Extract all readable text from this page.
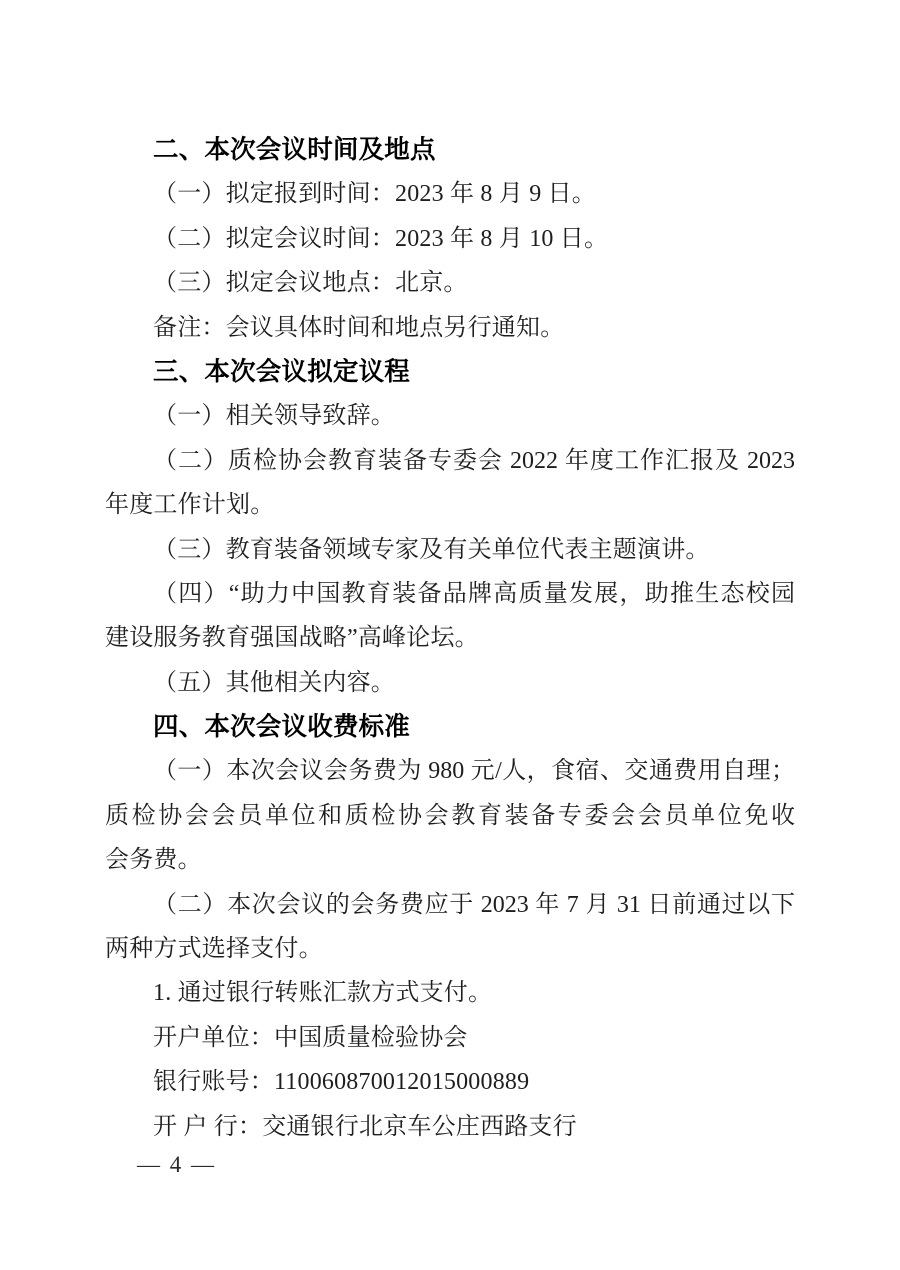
二、本次会议时间及地点
（一）拟定报到时间：2023 年 8 月 9 日。
（二）拟定会议时间：2023 年 8 月 10 日。
（三）拟定会议地点：北京。
备注：会议具体时间和地点另行通知。
三、本次会议拟定议程
（一）相关领导致辞。
（二）质检协会教育装备专委会 2022 年度工作汇报及 2023
年度工作计划。
（三）教育装备领域专家及有关单位代表主题演讲。
（四）“助力中国教育装备品牌高质量发展，助推生态校园
建设服务教育强国战略”高峰论坛。
（五）其他相关内容。
四、本次会议收费标准
（一）本次会议会务费为 980 元/人，食宿、交通费用自理；
质检协会会员单位和质检协会教育装备专委会会员单位免收
会务费。
（二）本次会议的会务费应于 2023 年 7 月 31 日前通过以下
两种方式选择支付。
1. 通过银行转账汇款方式支付。
开户单位：中国质量检验协会
银行账号：110060870012015000889
开 户 行：交通银行北京车公庄西路支行
— 4 —
